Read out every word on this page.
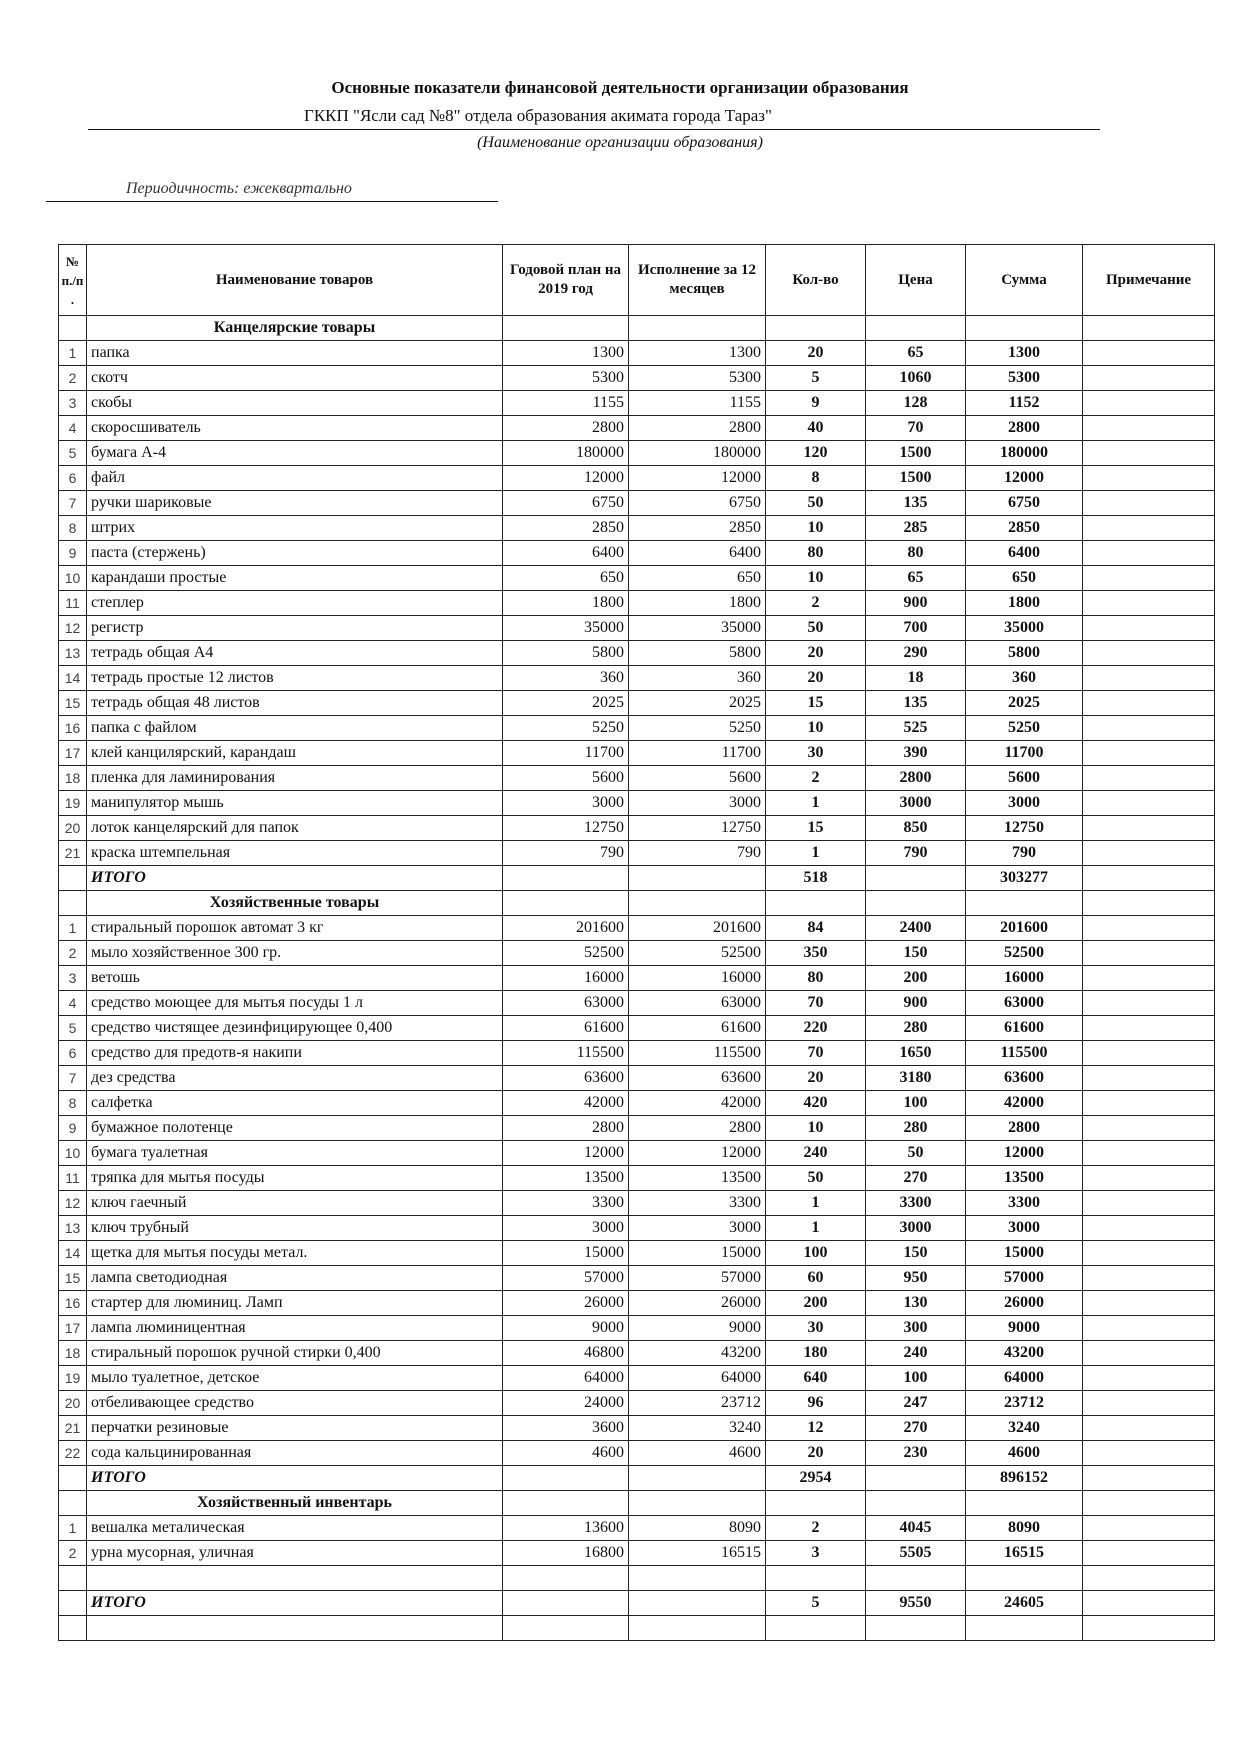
Основные показатели финансовой деятельности организации образования
ГККП "Ясли сад №8" отдела образования акимата города Тараз"
(Наименование организации образования)
Периодичность: ежеквартально
№ п./п .	Наименование товаров	Годовой план на 2019 год	Исполнение за 12 месяцев	Кол-во	Цена	Сумма	Примечание
	Канцелярские товары						
1	папка	1300	1300	20	65	1300	
2	скотч	5300	5300	5	1060	5300	
3	скобы	1155	1155	9	128	1152	
4	скоросшиватель	2800	2800	40	70	2800	
5	бумага А-4	180000	180000	120	1500	180000	
6	файл	12000	12000	8	1500	12000	
7	ручки шариковые	6750	6750	50	135	6750	
8	штрих	2850	2850	10	285	2850	
9	паста (стержень)	6400	6400	80	80	6400	
10	карандаши простые	650	650	10	65	650	
11	степлер	1800	1800	2	900	1800	
12	регистр	35000	35000	50	700	35000	
13	тетрадь общая А4	5800	5800	20	290	5800	
14	тетрадь простые 12 листов	360	360	20	18	360	
15	тетрадь общая 48 листов	2025	2025	15	135	2025	
16	папка с файлом	5250	5250	10	525	5250	
17	клей канцилярский, карандаш	11700	11700	30	390	11700	
18	пленка для ламинирования	5600	5600	2	2800	5600	
19	манипулятор мышь	3000	3000	1	3000	3000	
20	лоток канцелярский для папок	12750	12750	15	850	12750	
21	краска штемпельная	790	790	1	790	790	
	ИТОГО			518		303277	
	Хозяйственные товары						
1	стиральный порошок автомат 3 кг	201600	201600	84	2400	201600	
2	мыло хозяйственное 300 гр.	52500	52500	350	150	52500	
3	ветошь	16000	16000	80	200	16000	
4	средство моющее для мытья посуды 1 л	63000	63000	70	900	63000	
5	средство чистящее дезинфицирующее 0,400	61600	61600	220	280	61600	
6	средство для предотв-я накипи	115500	115500	70	1650	115500	
7	дез средства	63600	63600	20	3180	63600	
8	салфетка	42000	42000	420	100	42000	
9	бумажное полотенце	2800	2800	10	280	2800	
10	бумага туалетная	12000	12000	240	50	12000	
11	тряпка для мытья посуды	13500	13500	50	270	13500	
12	ключ гаечный	3300	3300	1	3300	3300	
13	ключ трубный	3000	3000	1	3000	3000	
14	щетка для мытья посуды метал.	15000	15000	100	150	15000	
15	лампа светодиодная	57000	57000	60	950	57000	
16	стартер для люминиц. Ламп	26000	26000	200	130	26000	
17	лампа люминицентная	9000	9000	30	300	9000	
18	стиральный порошок ручной стирки 0,400	46800	43200	180	240	43200	
19	мыло туалетное, детское	64000	64000	640	100	64000	
20	отбеливающее средство	24000	23712	96	247	23712	
21	перчатки резиновые	3600	3240	12	270	3240	
22	сода кальцинированная	4600	4600	20	230	4600	
	ИТОГО			2954		896152	
	Хозяйственный инвентарь						
1	вешалка металическая	13600	8090	2	4045	8090	
2	урна мусорная, уличная	16800	16515	3	5505	16515	

	ИТОГО			5	9550	24605	
